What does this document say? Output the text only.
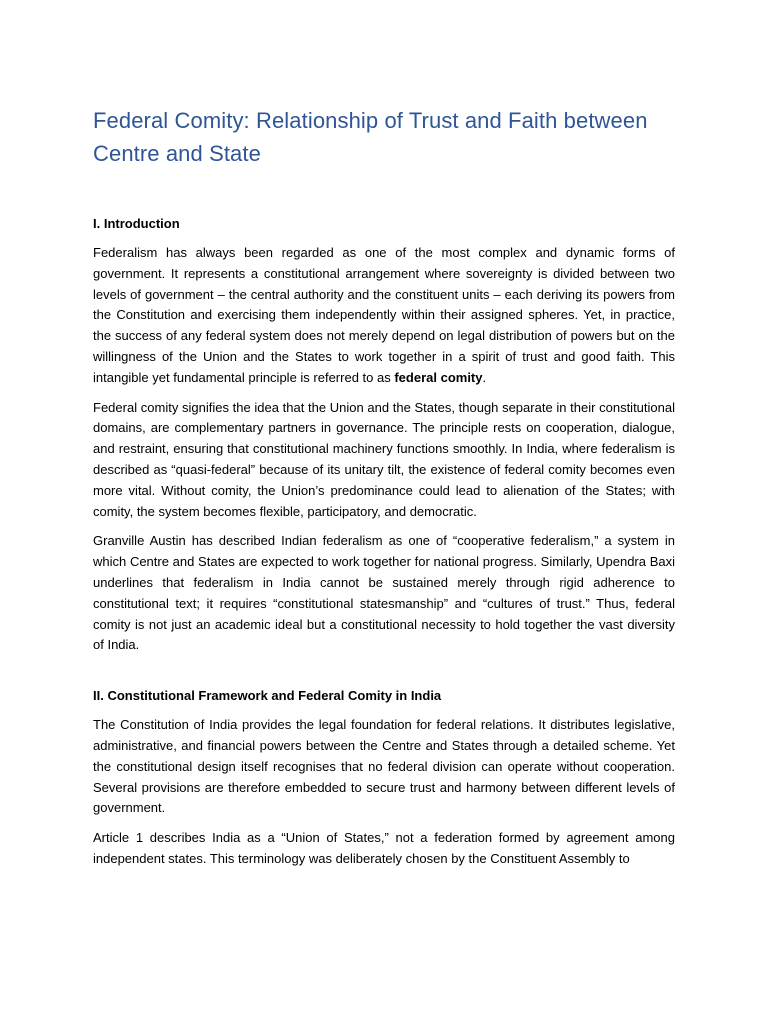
Federal Comity: Relationship of Trust and Faith between Centre and State
I. Introduction

Federalism has always been regarded as one of the most complex and dynamic forms of government. It represents a constitutional arrangement where sovereignty is divided between two levels of government – the central authority and the constituent units – each deriving its powers from the Constitution and exercising them independently within their assigned spheres. Yet, in practice, the success of any federal system does not merely depend on legal distribution of powers but on the willingness of the Union and the States to work together in a spirit of trust and good faith. This intangible yet fundamental principle is referred to as federal comity.

Federal comity signifies the idea that the Union and the States, though separate in their constitutional domains, are complementary partners in governance. The principle rests on cooperation, dialogue, and restraint, ensuring that constitutional machinery functions smoothly. In India, where federalism is described as “quasi-federal” because of its unitary tilt, the existence of federal comity becomes even more vital. Without comity, the Union’s predominance could lead to alienation of the States; with comity, the system becomes flexible, participatory, and democratic.

Granville Austin has described Indian federalism as one of “cooperative federalism,” a system in which Centre and States are expected to work together for national progress. Similarly, Upendra Baxi underlines that federalism in India cannot be sustained merely through rigid adherence to constitutional text; it requires “constitutional statesmanship” and “cultures of trust.” Thus, federal comity is not just an academic ideal but a constitutional necessity to hold together the vast diversity of India.

II. Constitutional Framework and Federal Comity in India

The Constitution of India provides the legal foundation for federal relations. It distributes legislative, administrative, and financial powers between the Centre and States through a detailed scheme. Yet the constitutional design itself recognises that no federal division can operate without cooperation. Several provisions are therefore embedded to secure trust and harmony between different levels of government.

Article 1 describes India as a “Union of States,” not a federation formed by agreement among independent states. This terminology was deliberately chosen by the Constituent Assembly to
